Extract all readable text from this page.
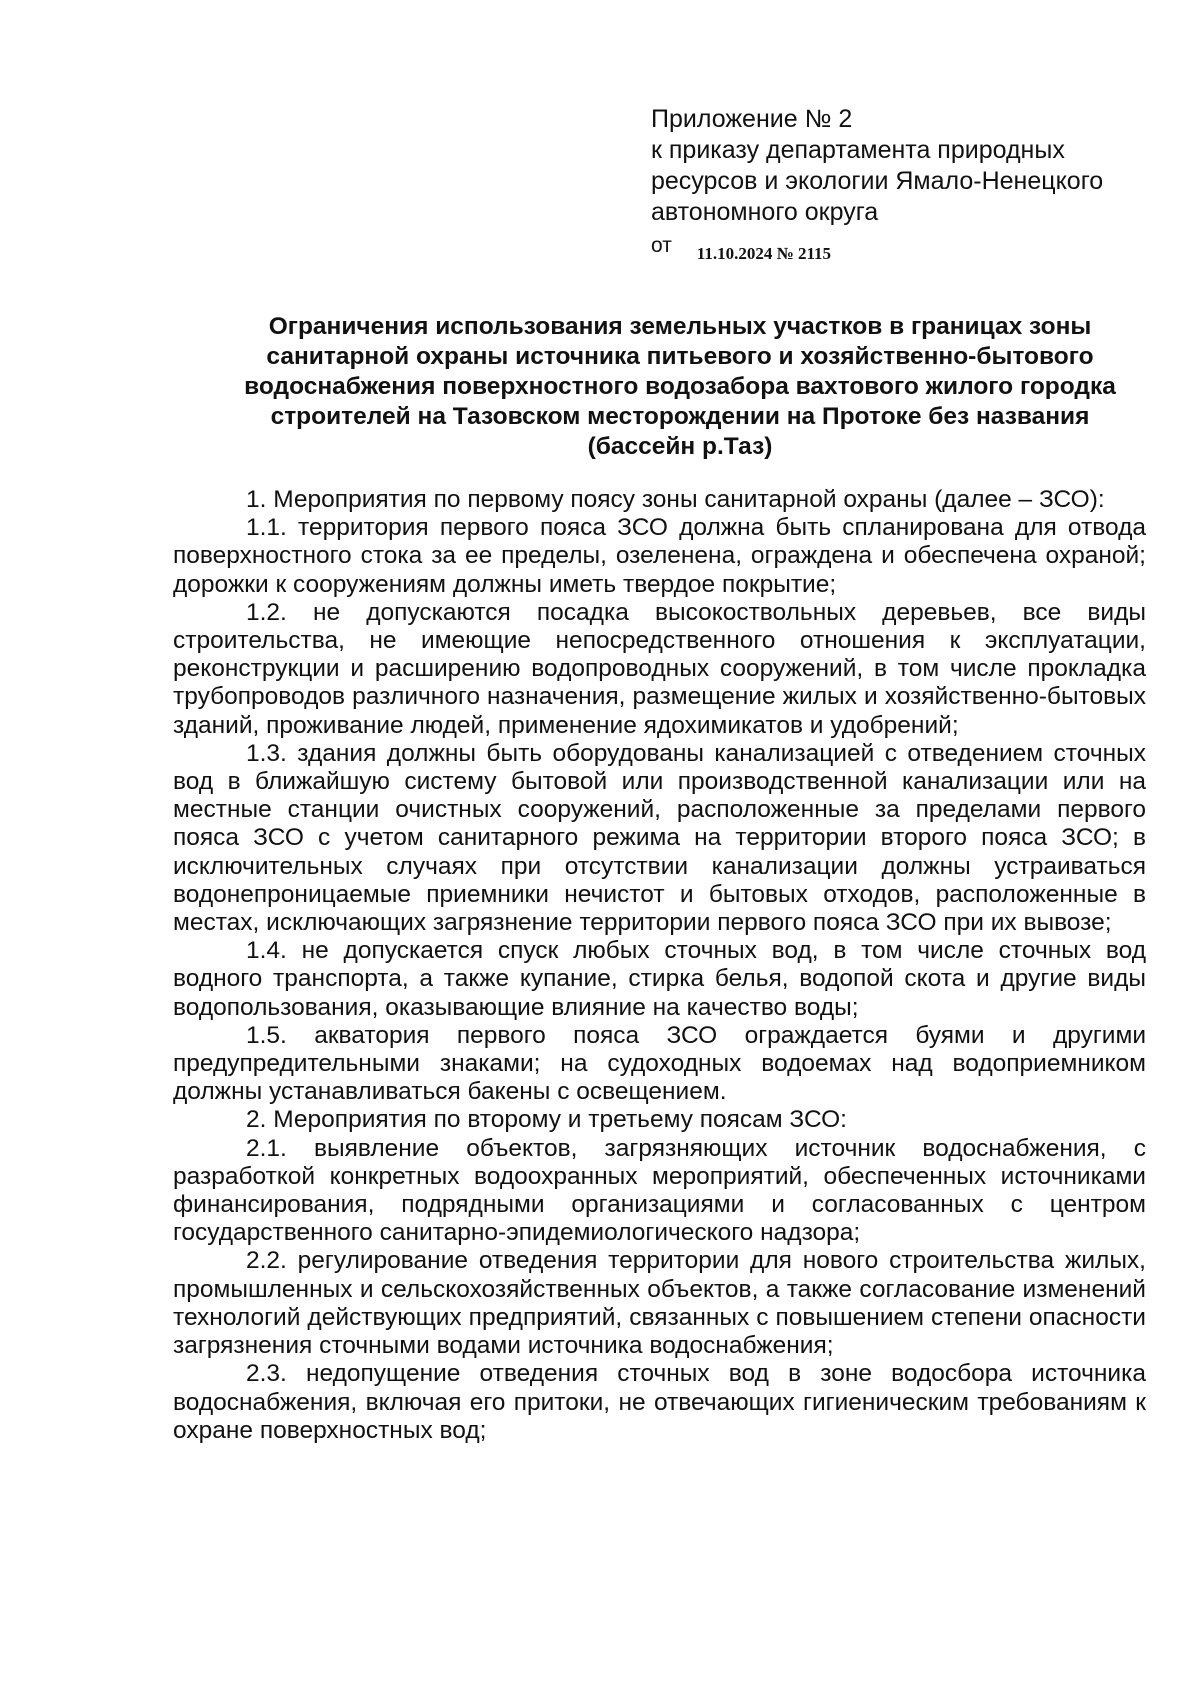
Приложение № 2
к приказу департамента природных
ресурсов и экологии Ямало-Ненецкого
автономного округа
$^{от}$ $_{11.10.2024 № 2115}$
Ограничения использования земельных участков в границах зоны
санитарной охраны источника питьевого и хозяйственно-бытового
водоснабжения поверхностного водозабора вахтового жилого городка
строителей на Тазовском месторождении на Протоке без названия
(бассейн р.Таз)

1. Мероприятия по первому поясу зоны санитарной охраны (далее – ЗСО):

1.1. территория первого пояса ЗСО должна быть спланирована для отвода поверхностного стока за ее пределы, озеленена, ограждена и обеспечена охраной; дорожки к сооружениям должны иметь твердое покрытие;

1.2. не допускаются посадка высокоствольных деревьев, все виды строительства, не имеющие непосредственного отношения к эксплуатации, реконструкции и расширению водопроводных сооружений, в том числе прокладка трубопроводов различного назначения, размещение жилых и хозяйственно-бытовых зданий, проживание людей, применение ядохимикатов и удобрений;

1.3. здания должны быть оборудованы канализацией с отведением сточных вод в ближайшую систему бытовой или производственной канализации или на местные станции очистных сооружений, расположенные за пределами первого пояса ЗСО с учетом санитарного режима на территории второго пояса ЗСО; в исключительных случаях при отсутствии канализации должны устраиваться водонепроницаемые приемники нечистот и бытовых отходов, расположенные в местах, исключающих загрязнение территории первого пояса ЗСО при их вывозе;

1.4. не допускается спуск любых сточных вод, в том числе сточных вод водного транспорта, а также купание, стирка белья, водопой скота и другие виды водопользования, оказывающие влияние на качество воды;

1.5. акватория первого пояса ЗСО ограждается буями и другими предупредительными знаками; на судоходных водоемах над водоприемником должны устанавливаться бакены с освещением.

2. Мероприятия по второму и третьему поясам ЗСО:

2.1. выявление объектов, загрязняющих источник водоснабжения, с разработкой конкретных водоохранных мероприятий, обеспеченных источниками финансирования, подрядными организациями и согласованных с центром государственного санитарно-эпидемиологического надзора;

2.2. регулирование отведения территории для нового строительства жилых, промышленных и сельскохозяйственных объектов, а также согласование изменений технологий действующих предприятий, связанных с повышением степени опасности загрязнения сточными водами источника водоснабжения;

2.3. недопущение отведения сточных вод в зоне водосбора источника водоснабжения, включая его притоки, не отвечающих гигиеническим требованиям к охране поверхностных вод;
